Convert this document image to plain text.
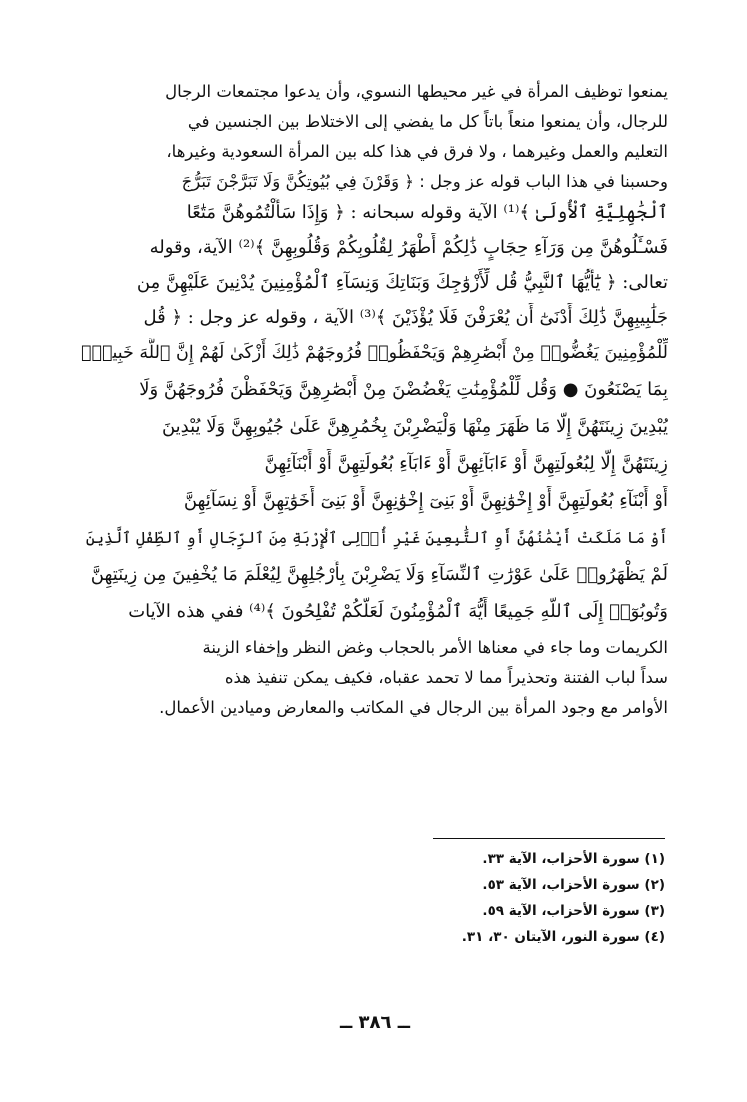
يمنعوا توظيف المرأة في غير محيطها النسوي، وأن يدعوا مجتمعات الرجال
للرجال، وأن يمنعوا منعاً باتاً كل ما يفضي إلى الاختلاط بين الجنسين في
التعليم والعمل وغيرهما ، ولا فرق في هذا كله بين المرأة السعودية وغيرها،
وحسبنا في هذا الباب قوله عز وجل : ﴿ وَقَرْنَ فِي بُيُوتِكُنَّ وَلَا تَبَرَّجْنَ تَبَرُّجَ
ٱلْجَٰهِلِيَّةِ ٱلْأُولَىٰ ﴾⁽¹⁾ الآية وقوله سبحانه : ﴿ وَإِذَا سَأَلْتُمُوهُنَّ مَتَٰعًا
فَسْـَٔلُوهُنَّ مِن وَرَآءِ حِجَابٍ ذَٰلِكُمْ أَطْهَرُ لِقُلُوبِكُمْ وَقُلُوبِهِنَّ ﴾⁽²⁾ الآية، وقوله
تعالى: ﴿ يَٰٓأَيُّهَا ٱلنَّبِيُّ قُل لِّأَزْوَٰجِكَ وَبَنَاتِكَ وَنِسَآءِ ٱلْمُؤْمِنِينَ يُدْنِينَ عَلَيْهِنَّ مِن
جَلَٰبِيبِهِنَّ ذَٰلِكَ أَدْنَىٰٓ أَن يُعْرَفْنَ فَلَا يُؤْذَيْنَ ﴾⁽³⁾ الآية ، وقوله عز وجل : ﴿ قُل
لِّلْمُؤْمِنِينَ يَغُضُّوا۟ مِنْ أَبْصَٰرِهِمْ وَيَحْفَظُوا۟ فُرُوجَهُمْ ذَٰلِكَ أَزْكَىٰ لَهُمْ إِنَّ ٱللَّهَ خَبِيرٌۢ
بِمَا يَصْنَعُونَ ● وَقُل لِّلْمُؤْمِنَٰتِ يَغْضُضْنَ مِنْ أَبْصَٰرِهِنَّ وَيَحْفَظْنَ فُرُوجَهُنَّ وَلَا
يُبْدِينَ زِينَتَهُنَّ إِلَّا مَا ظَهَرَ مِنْهَا وَلْيَضْرِبْنَ بِخُمُرِهِنَّ عَلَىٰ جُيُوبِهِنَّ وَلَا يُبْدِينَ
زِينَتَهُنَّ إِلَّا لِبُعُولَتِهِنَّ أَوْ ءَابَآئِهِنَّ أَوْ ءَابَآءِ بُعُولَتِهِنَّ أَوْ أَبْنَآئِهِنَّ
أَوْ أَبْنَآءِ بُعُولَتِهِنَّ أَوْ إِخْوَٰنِهِنَّ أَوْ بَنِىٓ إِخْوَٰنِهِنَّ أَوْ بَنِىٓ أَخَوَٰتِهِنَّ أَوْ نِسَآئِهِنَّ
أَوْ مَا مَلَكَتْ أَيْمَٰنُهُنَّ أَوِ ٱلتَّٰبِعِينَ غَيْرِ أُو۟لِى ٱلْإِرْبَةِ مِنَ ٱلرِّجَالِ أَوِ ٱلطِّفْلِ ٱلَّذِينَ
لَمْ يَظْهَرُوا۟ عَلَىٰ عَوْرَٰتِ ٱلنِّسَآءِ وَلَا يَضْرِبْنَ بِأَرْجُلِهِنَّ لِيُعْلَمَ مَا يُخْفِينَ مِن زِينَتِهِنَّ
وَتُوبُوٓا۟ إِلَى ٱللَّهِ جَمِيعًا أَيُّهَ ٱلْمُؤْمِنُونَ لَعَلَّكُمْ تُفْلِحُونَ ﴾⁽⁴⁾ ففي هذه الآيات
الكريمات وما جاء في معناها الأمر بالحجاب وغض النظر وإخفاء الزينة
سداً لباب الفتنة وتحذيراً مما لا تحمد عقباه، فكيف يمكن تنفيذ هذه
الأوامر مع وجود المرأة بين الرجال في المكاتب والمعارض وميادين الأعمال.
(١) سورة الأحزاب، الآية ٣٣.
(٢) سورة الأحزاب، الآية ٥٣.
(٣) سورة الأحزاب، الآية ٥٩.
(٤) سورة النور، الآيتان ٣٠، ٣١.
ــ ٣٨٦ ــ
